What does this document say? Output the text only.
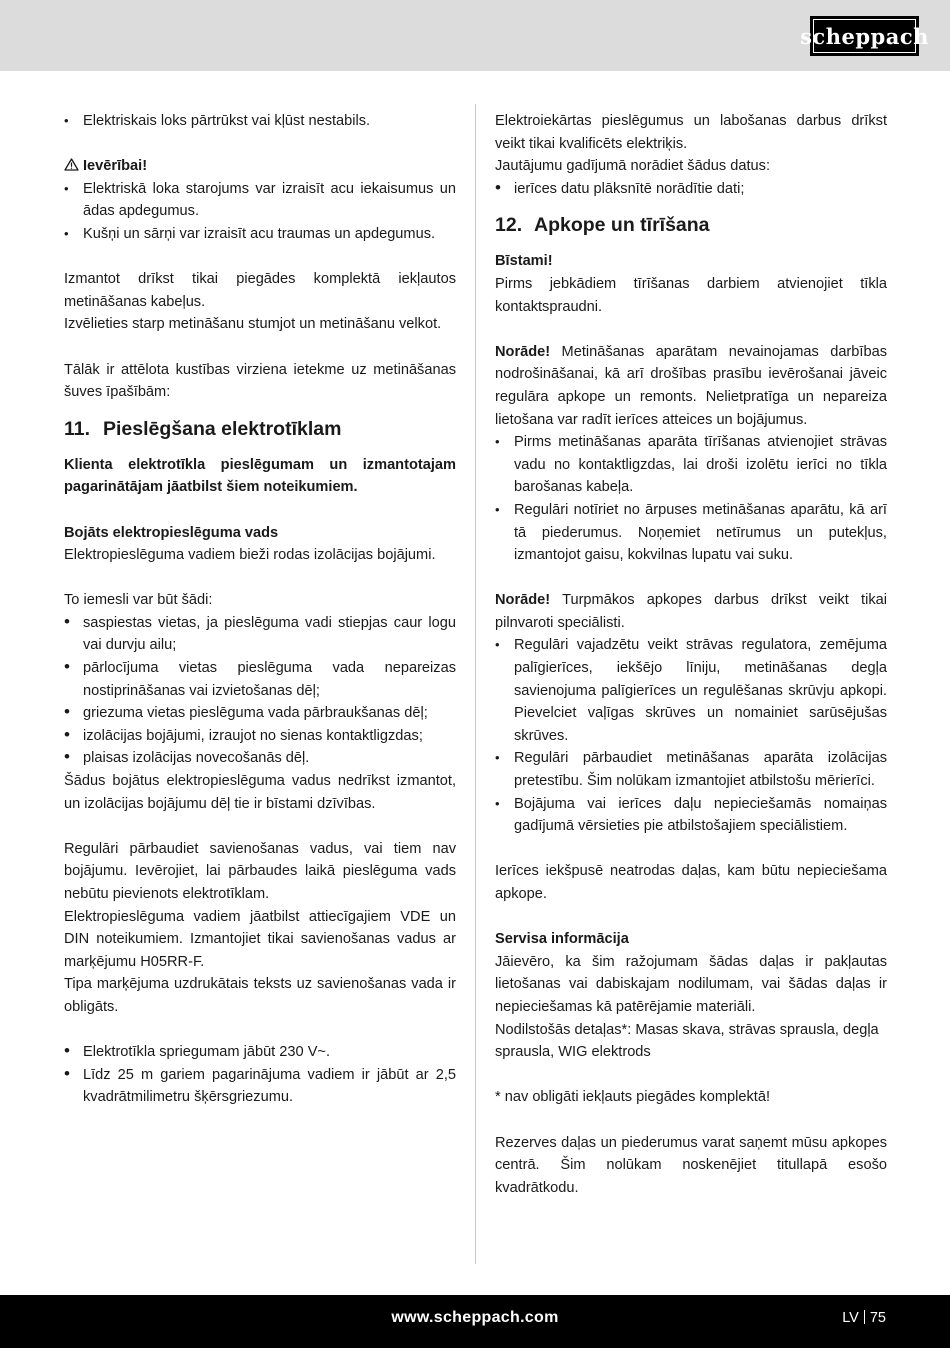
scheppach
• Elektriskais loks pārtrūkst vai kļūst nestabils.

Ievērībai!

• Elektriskā loka starojums var izraisīt acu iekaisumus un ādas apdegumus.
• Kušņi un sārņi var izraisīt acu traumas un apdegumus.

Izmantot drīkst tikai piegādes komplektā iekļautos metināšanas kabeļus.

Izvēlieties starp metināšanu stumjot un metināšanu velkot.

Tālāk ir attēlota kustības virziena ietekme uz metināšanas šuves īpašībām:

11. Pieslēgšana elektrotīklam

Klienta elektrotīkla pieslēgumam un izmantotajam pagarinātājam jāatbilst šiem noteikumiem.

Bojāts elektropieslēguma vads

Elektropieslēguma vadiem bieži rodas izolācijas bojājumi.

To iemesli var būt šādi:

• saspiestas vietas, ja pieslēguma vadi stiepjas caur logu vai durvju ailu;
• pārlocījuma vietas pieslēguma vada nepareizas nostiprināšanas vai izvietošanas dēļ;
• griezuma vietas pieslēguma vada pārbraukšanas dēļ;
• izolācijas bojājumi, izraujot no sienas kontaktligzdas;
• plaisas izolācijas novecošanās dēļ.

Šādus bojātus elektropieslēguma vadus nedrīkst izmantot, un izolācijas bojājumu dēļ tie ir bīstami dzīvības.

Regulāri pārbaudiet savienošanas vadus, vai tiem nav bojājumu. Ievērojiet, lai pārbaudes laikā pieslēguma vads nebūtu pievienots elektrotīklam.

Elektropieslēguma vadiem jāatbilst attiecīgajiem VDE un DIN noteikumiem. Izmantojiet tikai savienošanas vadus ar marķējumu H05RR-F.

Tipa marķējuma uzdrukātais teksts uz savienošanas vada ir obligāts.

• Elektrotīkla spriegumam jābūt 230 V~.
• Līdz 25 m gariem pagarinājuma vadiem ir jābūt ar 2,5 kvadrātmilimetru šķērsgriezumu.

Elektroiekārtas pieslēgumus un labošanas darbus drīkst veikt tikai kvalificēts elektriķis.

Jautājumu gadījumā norādiet šādus datus:

• ierīces datu plāksnītē norādītie dati;
12. Apkope un tīrīšana

Bīstami!

Pirms jebkādiem tīrīšanas darbiem atvienojiet tīkla kontaktspraudni.

Norāde! Metināšanas aparātam nevainojamas darbības nodrošināšanai, kā arī drošības prasību ievērošanai jāveic regulāra apkope un remonts. Nelietpratīga un nepareiza lietošana var radīt ierīces atteices un bojājumus.

• Pirms metināšanas aparāta tīrīšanas atvienojiet strāvas vadu no kontaktligzdas, lai droši izolētu ierīci no tīkla barošanas kabeļa.
• Regulāri notīriet no ārpuses metināšanas aparātu, kā arī tā piederumus. Noņemiet netīrumus un putekļus, izmantojot gaisu, kokvilnas lupatu vai suku.

Norāde! Turpmākos apkopes darbus drīkst veikt tikai pilnvaroti speciālisti.

• Regulāri vajadzētu veikt strāvas regulatora, zemējuma palīgierīces, iekšējo līniju, metināšanas degļa savienojuma palīgierīces un regulēšanas skrūvju apkopi. Pievelciet vaļīgas skrūves un nomainiet sarūsējušas skrūves.
• Regulāri pārbaudiet metināšanas aparāta izolācijas pretestību. Šim nolūkam izmantojiet atbilstošu mērierīci.
• Bojājuma vai ierīces daļu nepieciešamās nomaiņas gadījumā vērsieties pie atbilstošajiem speciālistiem.

Ierīces iekšpusē neatrodas daļas, kam būtu nepieciešama apkope.

Servisa informācija

Jāievēro, ka šim ražojumam šādas daļas ir pakļautas lietošanas vai dabiskajam nodilumam, vai šādas daļas ir nepieciešamas kā patērējamie materiāli.

Nodilstošās detaļas*: Masas skava, strāvas sprausla, degļa sprausla, WIG elektrods

* nav obligāti iekļauts piegādes komplektā!

Rezerves daļas un piederumus varat saņemt mūsu apkopes centrā. Šim nolūkam noskenējiet titullapā esošo kvadrātkodu.

www.scheppach.com	LV 75
